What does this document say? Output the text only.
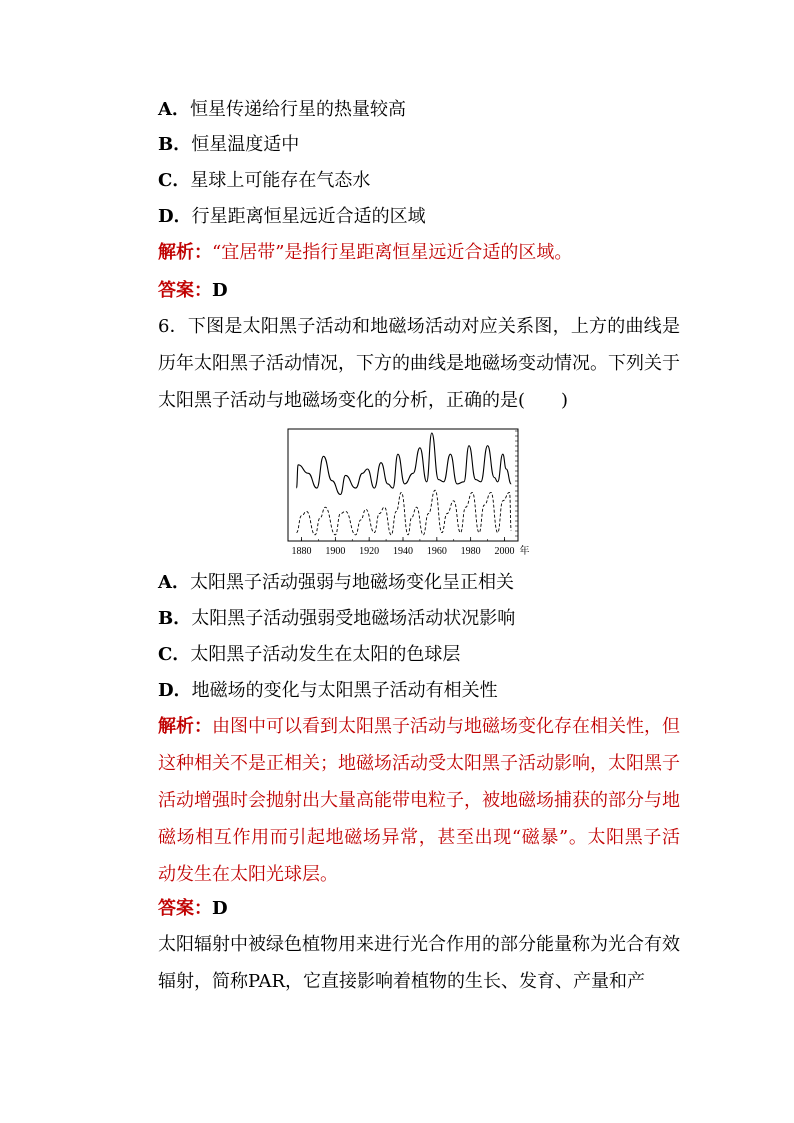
A．恒星传递给行星的热量较高
B．恒星温度适中
C．星球上可能存在气态水
D．行星距离恒星远近合适的区域
解析：“宜居带”是指行星距离恒星远近合适的区域。
答案：D
6．下图是太阳黑子活动和地磁场活动对应关系图，上方的曲线是历年太阳黑子活动情况，下方的曲线是地磁场变动情况。下列关于太阳黑子活动与地磁场变化的分析，正确的是(　　)
1880 1900 1920 1940 1960 1980 2000 年
A．太阳黑子活动强弱与地磁场变化呈正相关
B．太阳黑子活动强弱受地磁场活动状况影响
C．太阳黑子活动发生在太阳的色球层
D．地磁场的变化与太阳黑子活动有相关性
解析：由图中可以看到太阳黑子活动与地磁场变化存在相关性，但这种相关不是正相关；地磁场活动受太阳黑子活动影响，太阳黑子活动增强时会抛射出大量高能带电粒子，被地磁场捕获的部分与地磁场相互作用而引起地磁场异常，甚至出现“磁暴”。太阳黑子活动发生在太阳光球层。
答案：D
太阳辐射中被绿色植物用来进行光合作用的部分能量称为光合有效辐射，简称PAR，它直接影响着植物的生长、发育、产量和产
